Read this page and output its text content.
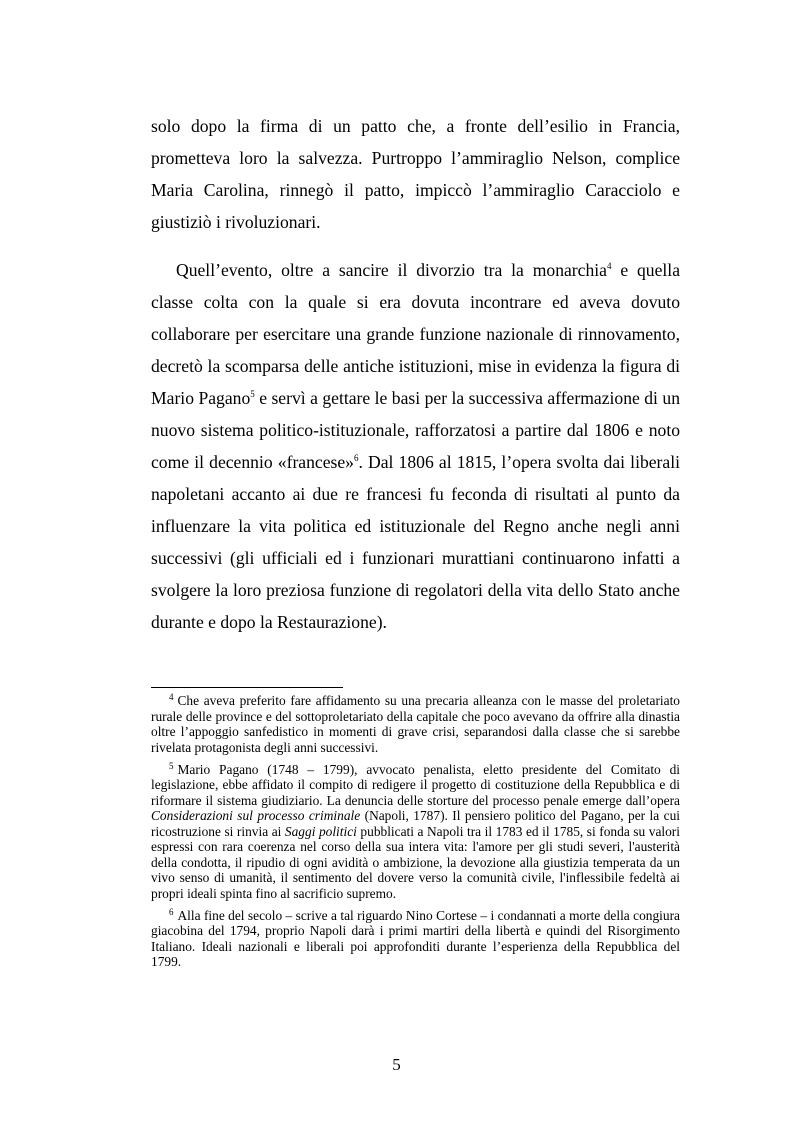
solo dopo la firma di un patto che, a fronte dell’esilio in Francia, prometteva loro la salvezza. Purtroppo l’ammiraglio Nelson, complice Maria Carolina, rinnegò il patto, impiccò l’ammiraglio Caracciolo e giustiziò i rivoluzionari.

Quell’evento, oltre a sancire il divorzio tra la monarchia$^4$ e quella classe colta con la quale si era dovuta incontrare ed aveva dovuto collaborare per esercitare una grande funzione nazionale di rinnovamento, decretò la scomparsa delle antiche istituzioni, mise in evidenza la figura di Mario Pagano$^5$ e servì a gettare le basi per la successiva affermazione di un nuovo sistema politico-istituzionale, rafforzatosi a partire dal 1806 e noto come il decennio «francese»$^6$. Dal 1806 al 1815, l’opera svolta dai liberali napoletani accanto ai due re francesi fu feconda di risultati al punto da influenzare la vita politica ed istituzionale del Regno anche negli anni successivi (gli ufficiali ed i funzionari murattiani continuarono infatti a svolgere la loro preziosa funzione di regolatori della vita dello Stato anche durante e dopo la Restaurazione).

$^4$ Che aveva preferito fare affidamento su una precaria alleanza con le masse del proletariato rurale delle province e del sottoproletariato della capitale che poco avevano da offrire alla dinastia oltre l’appoggio sanfedistico in momenti di grave crisi, separandosi dalla classe che si sarebbe rivelata protagonista degli anni successivi.

$^5$ Mario Pagano (1748 – 1799), avvocato penalista, eletto presidente del Comitato di legislazione, ebbe affidato il compito di redigere il progetto di costituzione della Repubblica e di riformare il sistema giudiziario. La denuncia delle storture del processo penale emerge dall’opera Considerazioni sul processo criminale (Napoli, 1787). Il pensiero politico del Pagano, per la cui ricostruzione si rinvia ai Saggi politici pubblicati a Napoli tra il 1783 ed il 1785, si fonda su valori espressi con rara coerenza nel corso della sua intera vita: l'amore per gli studi severi, l'austerità della condotta, il ripudio di ogni avidità o ambizione, la devozione alla giustizia temperata da un vivo senso di umanità, il sentimento del dovere verso la comunità civile, l'inflessibile fedeltà ai propri ideali spinta fino al sacrificio supremo.

$^6$ Alla fine del secolo – scrive a tal riguardo Nino Cortese – i condannati a morte della congiura giacobina del 1794, proprio Napoli darà i primi martiri della libertà e quindi del Risorgimento Italiano. Ideali nazionali e liberali poi approfonditi durante l’esperienza della Repubblica del 1799.

5
